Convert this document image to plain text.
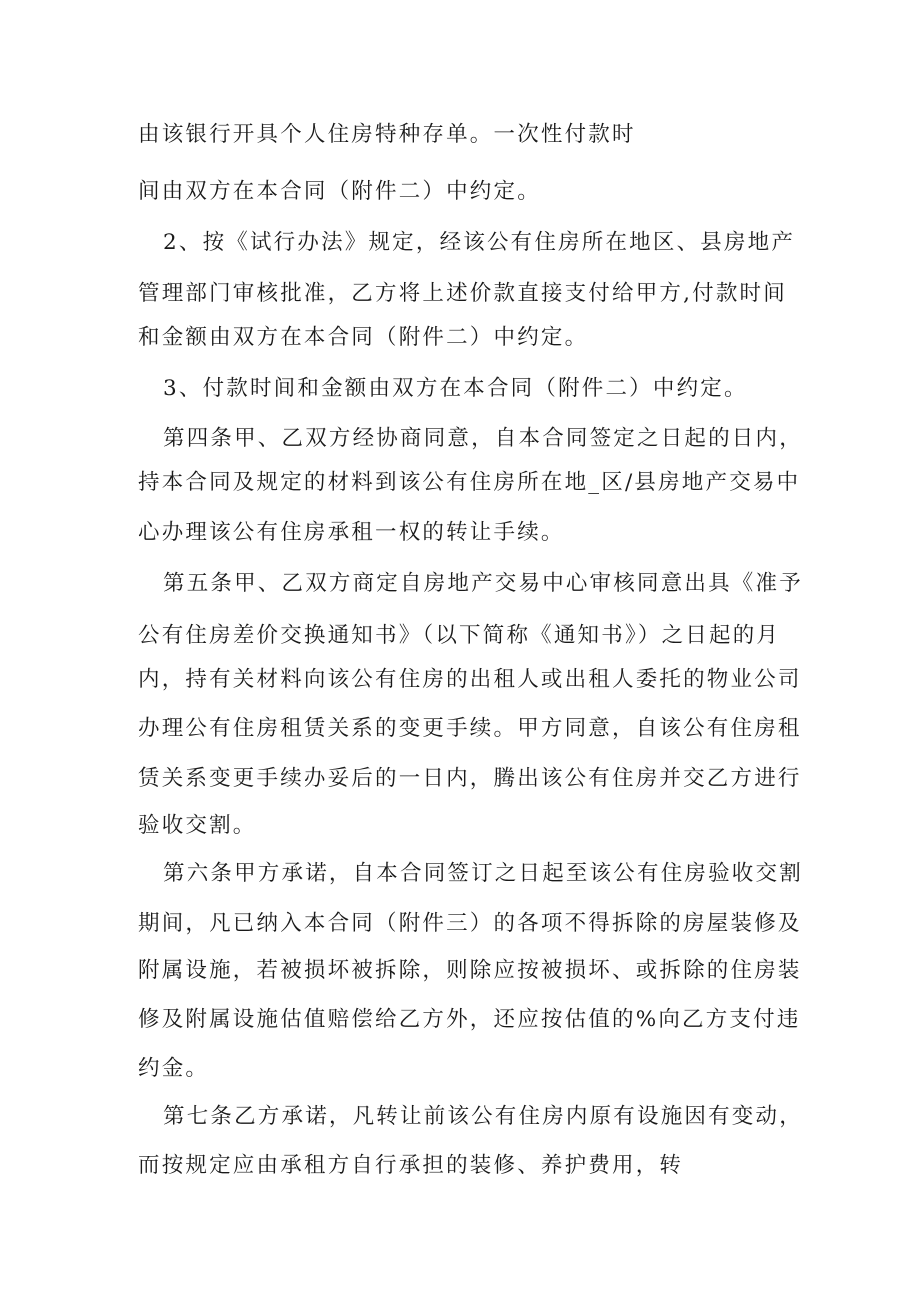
由该银行开具个人住房特种存单。一次性付款时
间由双方在本合同（附件二）中约定。
2、按《试行办法》规定，经该公有住房所在地区、县房地产
管理部门审核批准，乙方将上述价款直接支付给甲方,付款时间
和金额由双方在本合同（附件二）中约定。
3、付款时间和金额由双方在本合同（附件二）中约定。
第四条甲、乙双方经协商同意，自本合同签定之日起的日内，
持本合同及规定的材料到该公有住房所在地_区/县房地产交易中
心办理该公有住房承租一权的转让手续。
第五条甲、乙双方商定自房地产交易中心审核同意出具《准予
公有住房差价交换通知书》（以下简称《通知书》）之日起的月
内，持有关材料向该公有住房的出租人或出租人委托的物业公司
办理公有住房租赁关系的变更手续。甲方同意，自该公有住房租
赁关系变更手续办妥后的一日内，腾出该公有住房并交乙方进行
验收交割。
第六条甲方承诺，自本合同签订之日起至该公有住房验收交割
期间，凡已纳入本合同（附件三）的各项不得拆除的房屋装修及
附属设施，若被损坏被拆除，则除应按被损坏、或拆除的住房装
修及附属设施估值赔偿给乙方外，还应按估值的%向乙方支付违
约金。
第七条乙方承诺，凡转让前该公有住房内原有设施因有变动，
而按规定应由承租方自行承担的装修、养护费用，转
